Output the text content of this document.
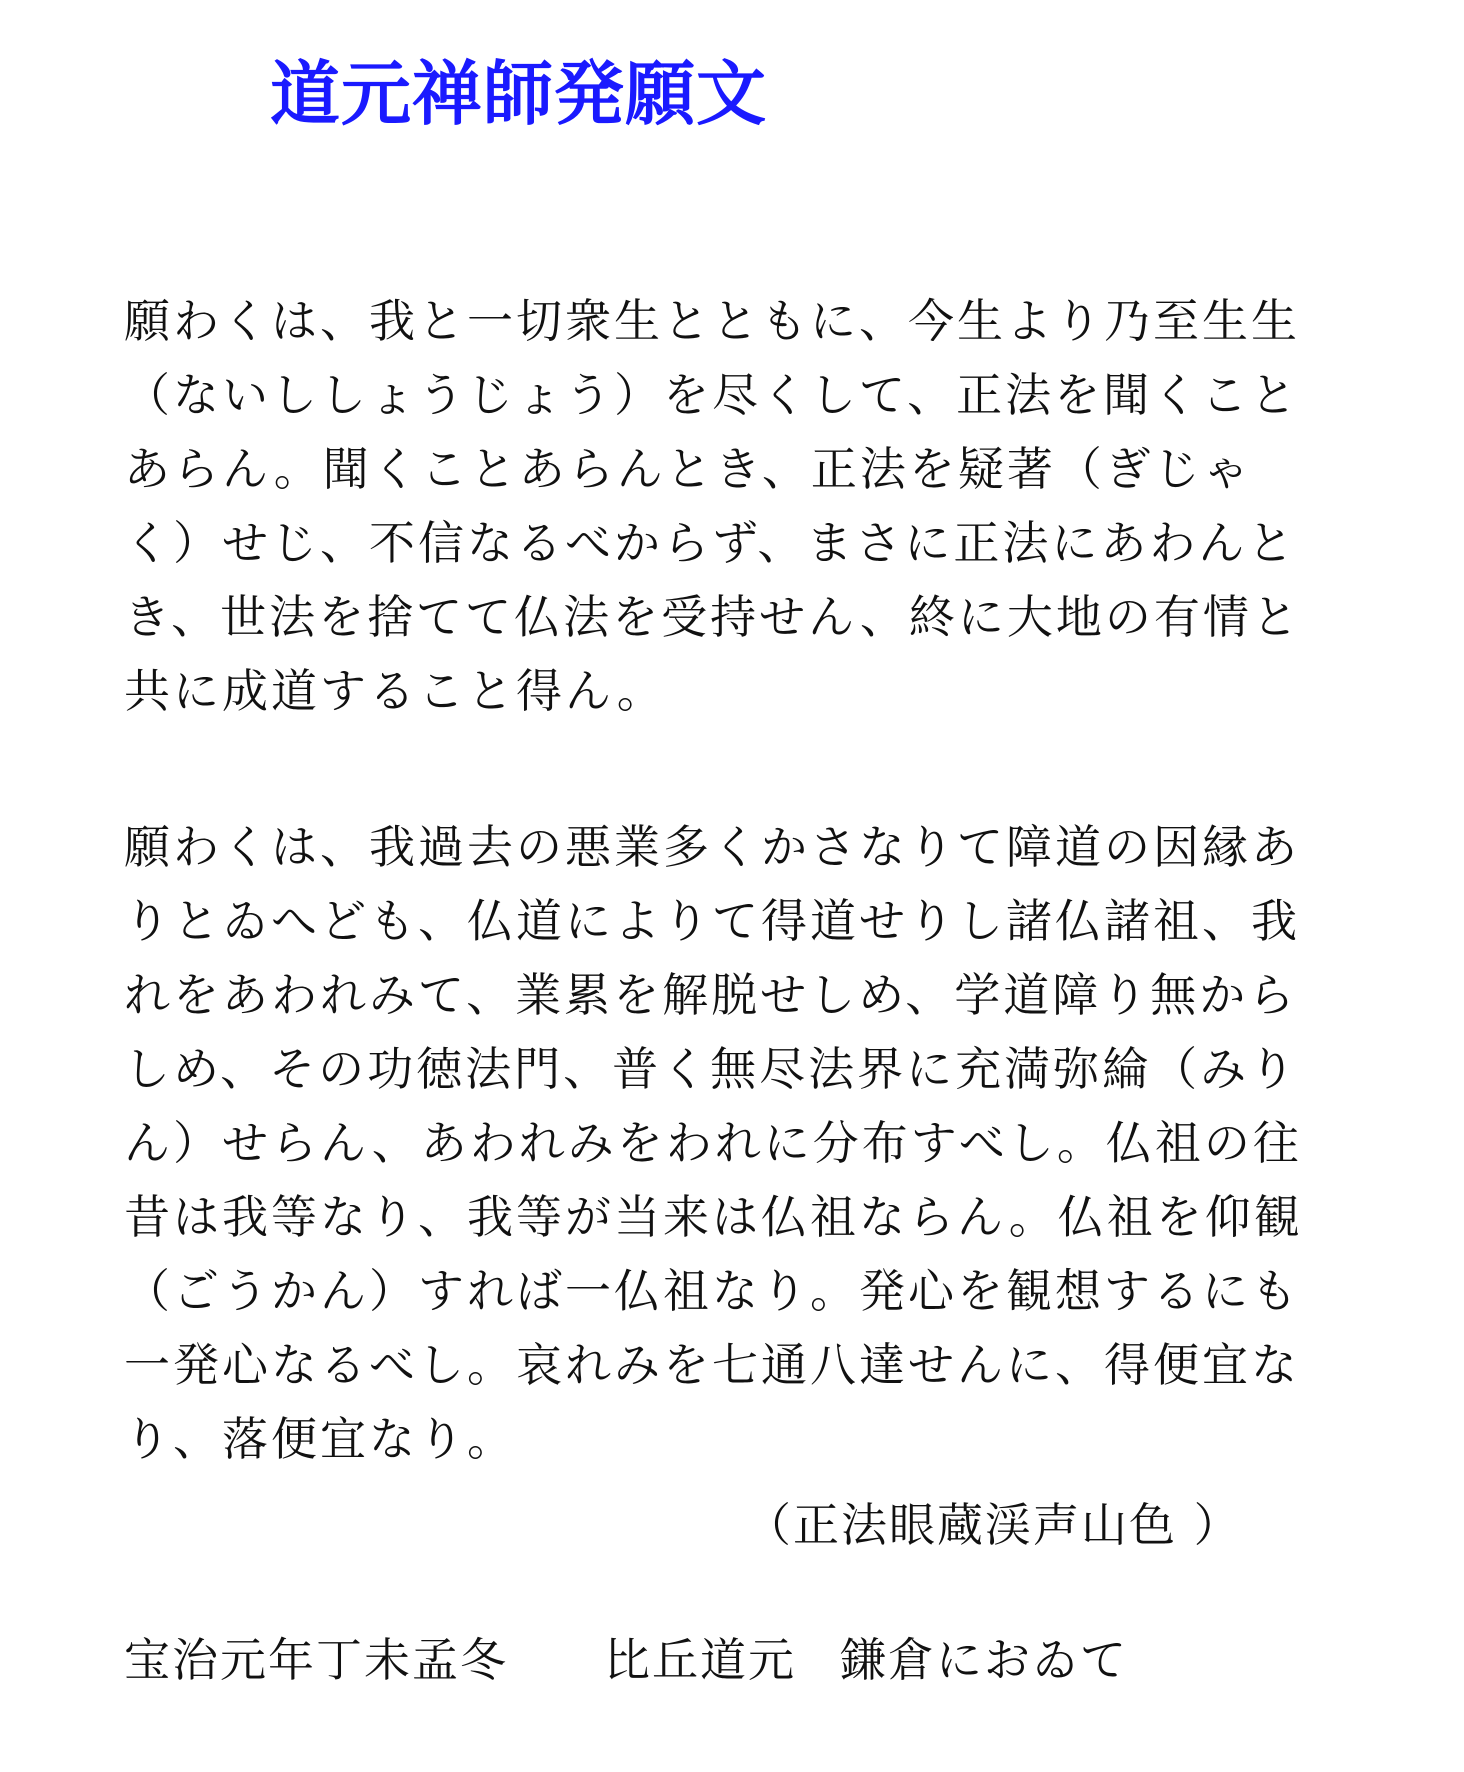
道元禅師発願文
願わくは、我と一切衆生とともに、今生より乃至生生
（ないししょうじょう）を尽くして、正法を聞くこと
あらん。聞くことあらんとき、正法を疑著（ぎじゃ
く）せじ、不信なるべからず、まさに正法にあわんと
き、世法を捨てて仏法を受持せん、終に大地の有情と
共に成道すること得ん。
願わくは、我過去の悪業多くかさなりて障道の因縁あ
りとゐへども、仏道によりて得道せりし諸仏諸祖、我
れをあわれみて、業累を解脱せしめ、学道障り無から
しめ、その功徳法門、普く無尽法界に充満弥綸（みり
ん）せらん、あわれみをわれに分布すべし。仏祖の往
昔は我等なり、我等が当来は仏祖ならん。仏祖を仰観
（ごうかん）すれば一仏祖なり。発心を観想するにも
一発心なるべし。哀れみを七通八達せんに、得便宜な
り、落便宜なり。

（正法眼蔵渓声山色 ）

宝治元年丁未孟冬 比丘道元 鎌倉におゐて
